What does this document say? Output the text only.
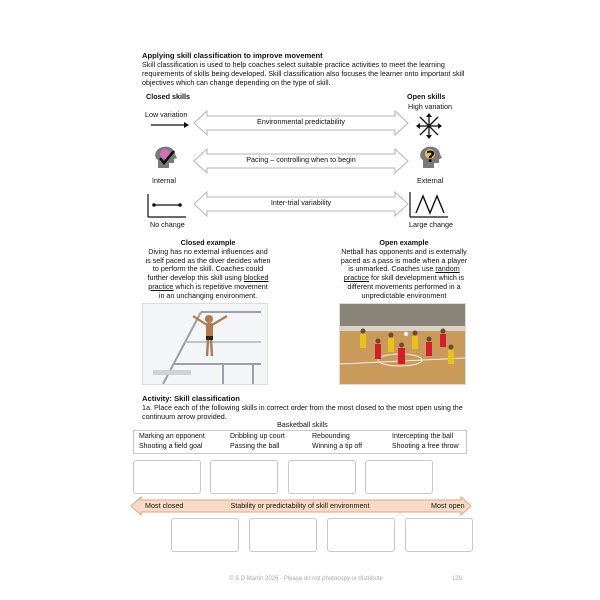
Applying skill classification to improve movement
Skill classification is used to help coaches select suitable practice activities to meet the learning
requirements of skills being developed. Skill classification also focuses the learner onto important skill
objectives which can change depending on the type of skill.
Closed skills	Open skills
Low variation
High variation
Environmental predictability
Internal
?
External
Pacing – controlling when to begin
No change	Large change
Inter-trial variability
Closed example
Diving has no external influences and
is self paced as the diver decides when
to perform the skill. Coaches could
further develop this skill using blocked
practice which is repetitive movement
in an unchanging environment.
Open example
Netball has opponents and is externally
paced as a pass is made when a player
is unmarked. Coaches use random
practice for skill development which is
different movements performed in a
unpredictable environment
Activity: Skill classification
1a. Place each of the following skills in correct order from the most closed to the most open using the
continuum arrow provided.
Basketball skills
Marking an opponent	Dribbling up court	Rebounding	Intercepting the ball
Shooting a field goal	Passing the ball	Winning a tip off	Shooting a free throw
Most closed	Stability or predictability of skill environment	Most open
© S D Martin 2026 - Please do not photocopy or distribute	139
